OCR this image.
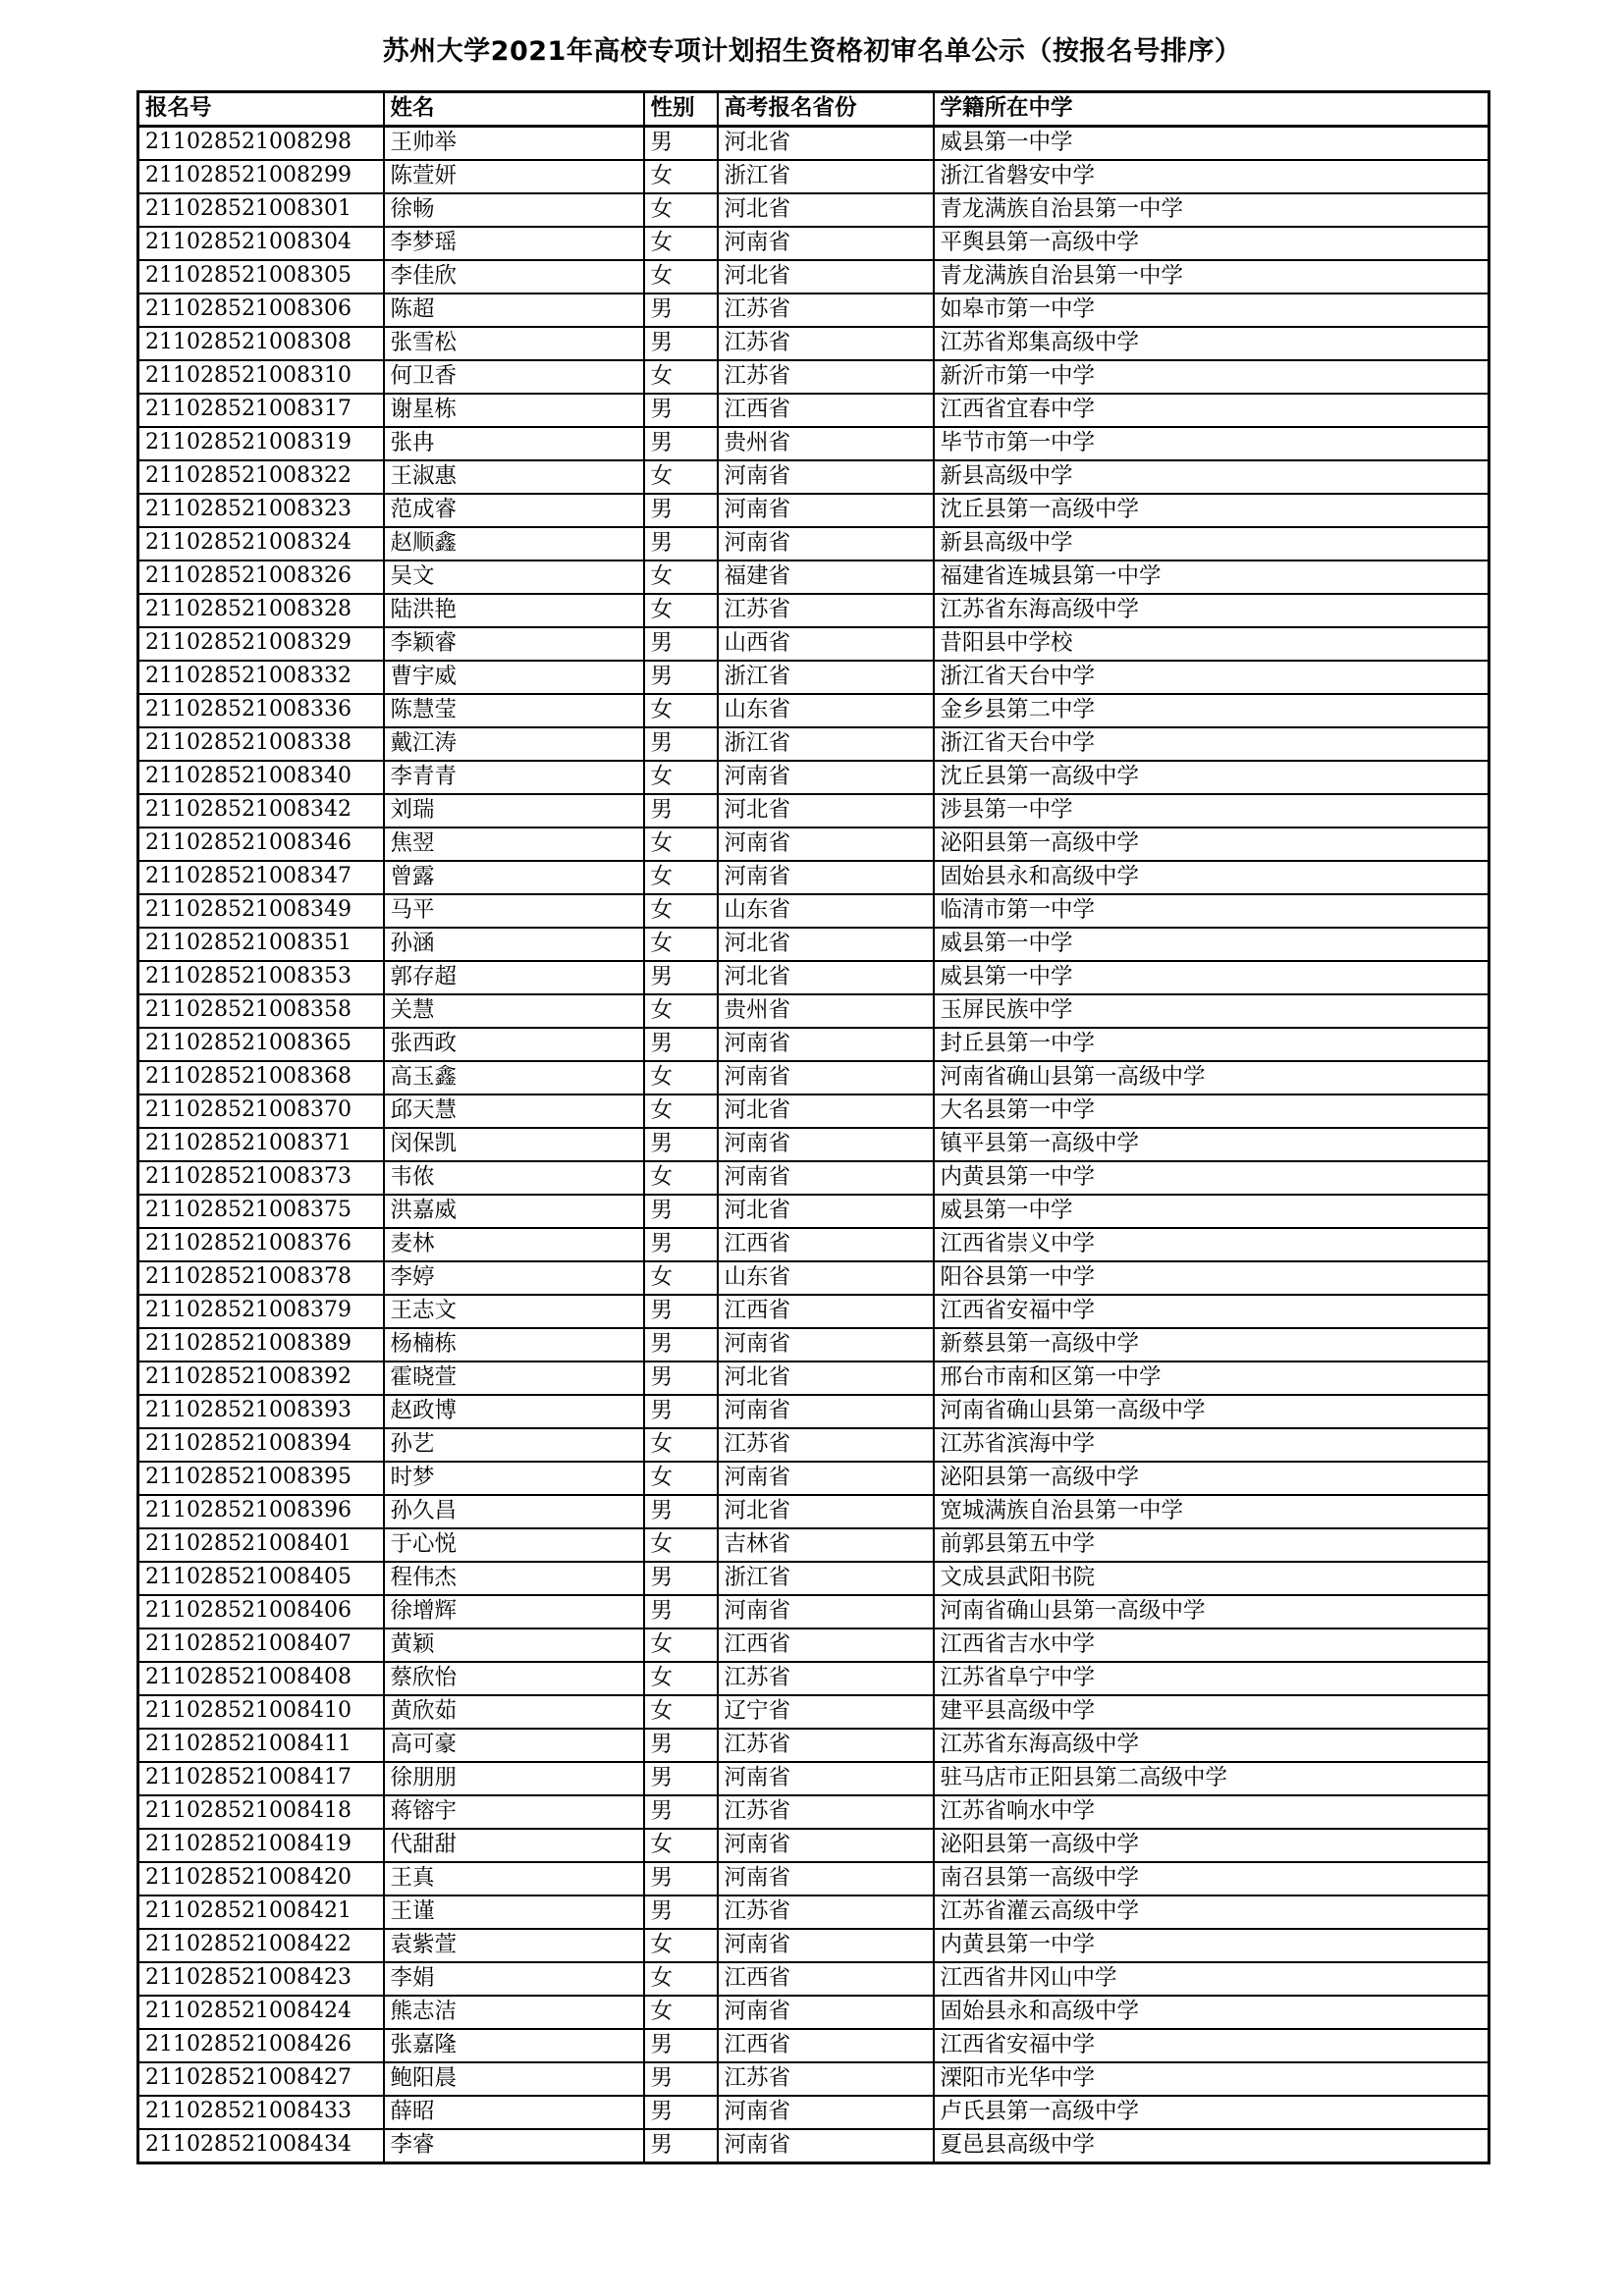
苏州大学2021年高校专项计划招生资格初审名单公示（按报名号排序）
报名号	姓名	性别	高考报名省份	学籍所在中学
211028521008298	王帅举	男	河北省	威县第一中学
211028521008299	陈萱妍	女	浙江省	浙江省磐安中学
211028521008301	徐畅	女	河北省	青龙满族自治县第一中学
211028521008304	李梦瑶	女	河南省	平舆县第一高级中学
211028521008305	李佳欣	女	河北省	青龙满族自治县第一中学
211028521008306	陈超	男	江苏省	如皋市第一中学
211028521008308	张雪松	男	江苏省	江苏省郑集高级中学
211028521008310	何卫香	女	江苏省	新沂市第一中学
211028521008317	谢星栋	男	江西省	江西省宜春中学
211028521008319	张冉	男	贵州省	毕节市第一中学
211028521008322	王淑惠	女	河南省	新县高级中学
211028521008323	范成睿	男	河南省	沈丘县第一高级中学
211028521008324	赵顺鑫	男	河南省	新县高级中学
211028521008326	吴文	女	福建省	福建省连城县第一中学
211028521008328	陆洪艳	女	江苏省	江苏省东海高级中学
211028521008329	李颖睿	男	山西省	昔阳县中学校
211028521008332	曹宇威	男	浙江省	浙江省天台中学
211028521008336	陈慧莹	女	山东省	金乡县第二中学
211028521008338	戴江涛	男	浙江省	浙江省天台中学
211028521008340	李青青	女	河南省	沈丘县第一高级中学
211028521008342	刘瑞	男	河北省	涉县第一中学
211028521008346	焦翌	女	河南省	泌阳县第一高级中学
211028521008347	曾露	女	河南省	固始县永和高级中学
211028521008349	马平	女	山东省	临清市第一中学
211028521008351	孙涵	女	河北省	威县第一中学
211028521008353	郭存超	男	河北省	威县第一中学
211028521008358	关慧	女	贵州省	玉屏民族中学
211028521008365	张西政	男	河南省	封丘县第一中学
211028521008368	高玉鑫	女	河南省	河南省确山县第一高级中学
211028521008370	邱天慧	女	河北省	大名县第一中学
211028521008371	闵保凯	男	河南省	镇平县第一高级中学
211028521008373	韦侬	女	河南省	内黄县第一中学
211028521008375	洪嘉威	男	河北省	威县第一中学
211028521008376	麦林	男	江西省	江西省崇义中学
211028521008378	李婷	女	山东省	阳谷县第一中学
211028521008379	王志文	男	江西省	江西省安福中学
211028521008389	杨楠栋	男	河南省	新蔡县第一高级中学
211028521008392	霍晓萱	男	河北省	邢台市南和区第一中学
211028521008393	赵政博	男	河南省	河南省确山县第一高级中学
211028521008394	孙艺	女	江苏省	江苏省滨海中学
211028521008395	时梦	女	河南省	泌阳县第一高级中学
211028521008396	孙久昌	男	河北省	宽城满族自治县第一中学
211028521008401	于心悦	女	吉林省	前郭县第五中学
211028521008405	程伟杰	男	浙江省	文成县武阳书院
211028521008406	徐增辉	男	河南省	河南省确山县第一高级中学
211028521008407	黄颖	女	江西省	江西省吉水中学
211028521008408	蔡欣怡	女	江苏省	江苏省阜宁中学
211028521008410	黄欣茹	女	辽宁省	建平县高级中学
211028521008411	高可豪	男	江苏省	江苏省东海高级中学
211028521008417	徐朋朋	男	河南省	驻马店市正阳县第二高级中学
211028521008418	蒋镕宇	男	江苏省	江苏省响水中学
211028521008419	代甜甜	女	河南省	泌阳县第一高级中学
211028521008420	王真	男	河南省	南召县第一高级中学
211028521008421	王谨	男	江苏省	江苏省灌云高级中学
211028521008422	袁紫萱	女	河南省	内黄县第一中学
211028521008423	李娟	女	江西省	江西省井冈山中学
211028521008424	熊志洁	女	河南省	固始县永和高级中学
211028521008426	张嘉隆	男	江西省	江西省安福中学
211028521008427	鲍阳晨	男	江苏省	溧阳市光华中学
211028521008433	薛昭	男	河南省	卢氏县第一高级中学
211028521008434	李睿	男	河南省	夏邑县高级中学
